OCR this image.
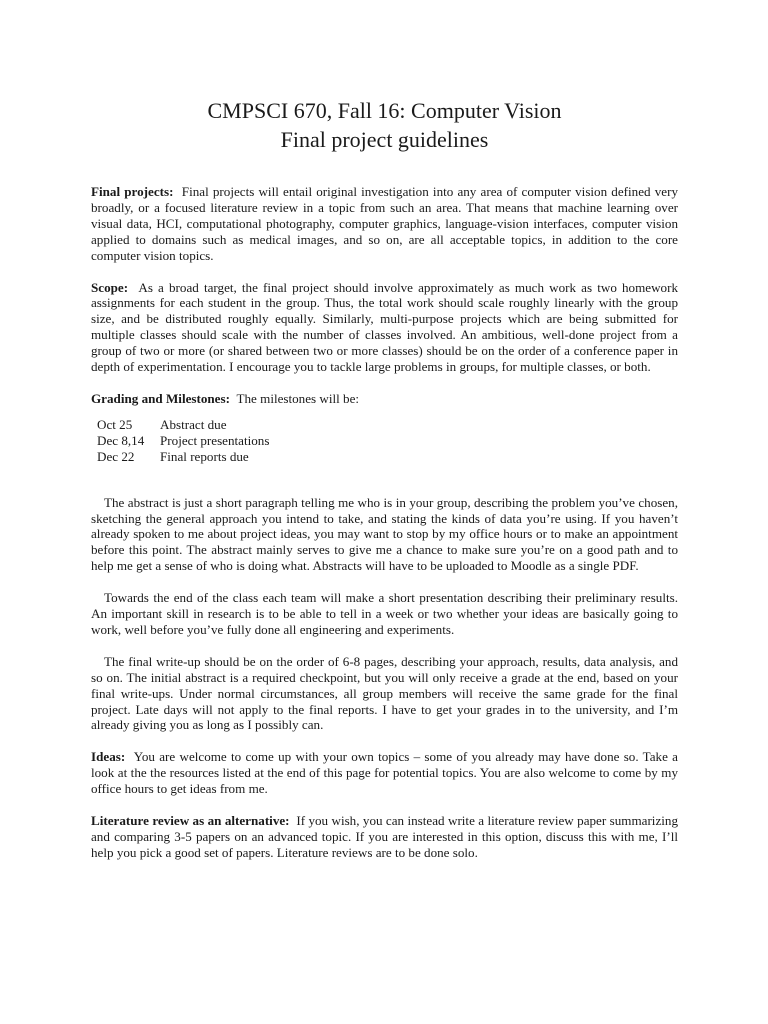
CMPSCI 670, Fall 16: Computer Vision
Final project guidelines

Final projects: Final projects will entail original investigation into any area of computer vision defined very broadly, or a focused literature review in a topic from such an area. That means that machine learning over visual data, HCI, computational photography, computer graphics, language-vision interfaces, computer vision applied to domains such as medical images, and so on, are all acceptable topics, in addition to the core computer vision topics.

Scope: As a broad target, the final project should involve approximately as much work as two homework assignments for each student in the group. Thus, the total work should scale roughly linearly with the group size, and be distributed roughly equally. Similarly, multi-purpose projects which are being submitted for multiple classes should scale with the number of classes involved. An ambitious, well-done project from a group of two or more (or shared between two or more classes) should be on the order of a conference paper in depth of experimentation. I encourage you to tackle large problems in groups, for multiple classes, or both.

Grading and Milestones: The milestones will be:

Oct 25	Abstract due
Dec 8,14	Project presentations
Dec 22	Final reports due

The abstract is just a short paragraph telling me who is in your group, describing the problem you’ve chosen, sketching the general approach you intend to take, and stating the kinds of data you’re using. If you haven’t already spoken to me about project ideas, you may want to stop by my office hours or to make an appointment before this point. The abstract mainly serves to give me a chance to make sure you’re on a good path and to help me get a sense of who is doing what. Abstracts will have to be uploaded to Moodle as a single PDF.

Towards the end of the class each team will make a short presentation describing their preliminary results. An important skill in research is to be able to tell in a week or two whether your ideas are basically going to work, well before you’ve fully done all engineering and experiments.

The final write-up should be on the order of 6-8 pages, describing your approach, results, data analysis, and so on. The initial abstract is a required checkpoint, but you will only receive a grade at the end, based on your final write-ups. Under normal circumstances, all group members will receive the same grade for the final project. Late days will not apply to the final reports. I have to get your grades in to the university, and I’m already giving you as long as I possibly can.

Ideas: You are welcome to come up with your own topics – some of you already may have done so. Take a look at the the resources listed at the end of this page for potential topics. You are also welcome to come by my office hours to get ideas from me.

Literature review as an alternative: If you wish, you can instead write a literature review paper summarizing and comparing 3-5 papers on an advanced topic. If you are interested in this option, discuss this with me, I’ll help you pick a good set of papers. Literature reviews are to be done solo.
